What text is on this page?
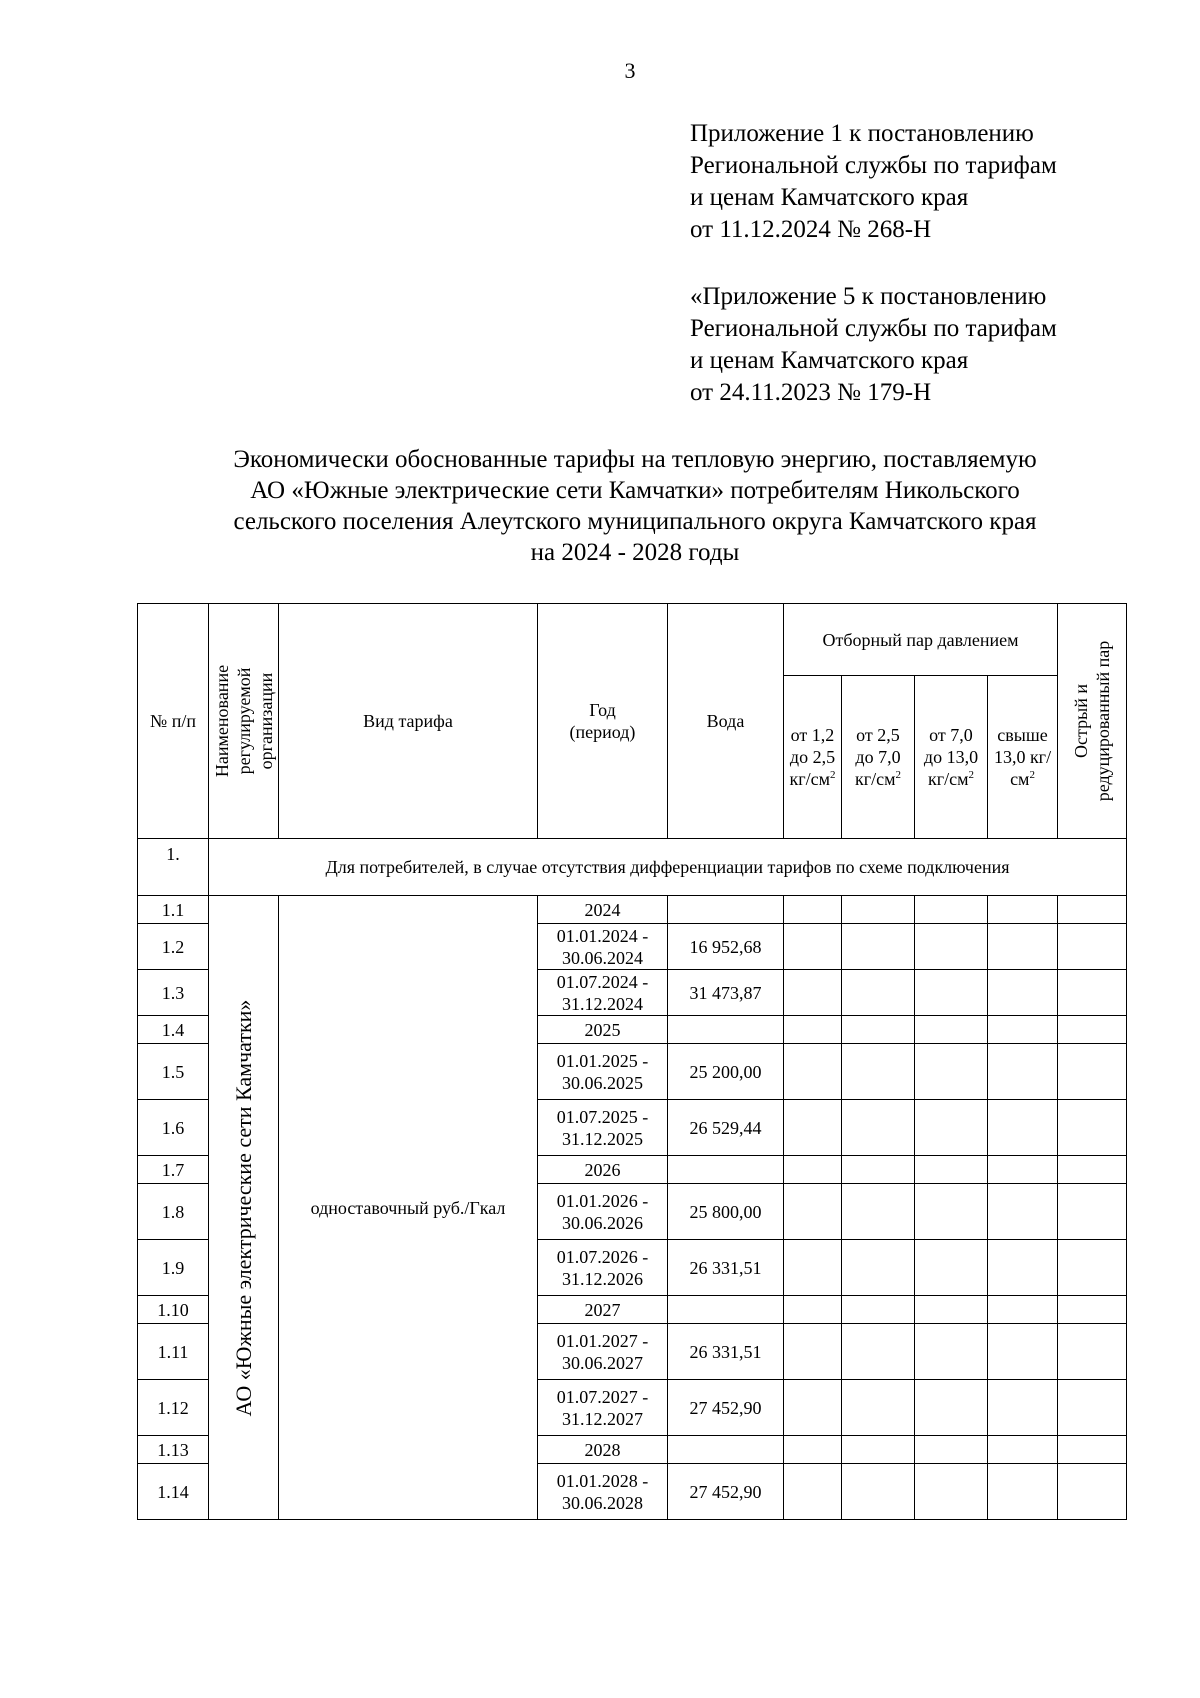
3
Приложение 1 к постановлению
Региональной службы по тарифам
и ценам Камчатского края
от 11.12.2024 № 268-Н
«Приложение 5 к постановлению
Региональной службы по тарифам
и ценам Камчатского края
от 24.11.2023 № 179-Н
Экономически обоснованные тарифы на тепловую энергию, поставляемую
АО «Южные электрические сети Камчатки» потребителям Никольского
сельского поселения Алеутского муниципального округа Камчатского края
на 2024 - 2028 годы
№ п/п	Наименование регулируемой организации	Вид тарифа	Год (период)	Вода	Отборный пар давлением				Острый и редуцированный пар

					от 1,2 до 2,5 $кг/см^2$	от 2,5 до 7,0 $кг/см^2$	от 7,0 до 13,0 $кг/см^2$	свыше 13,0 $кг/см^2$
1.	Для потребителей, в случае отсутствия дифференциации тарифов по схеме подключения								
1.1	АО «Южные электрические сети Камчатки»	одноставочный руб./Гкал	2024						
1.2			01.01.2024 - 30.06.2024	16 952,68					
1.3			01.07.2024 - 31.12.2024	31 473,87					
1.4			2025						
1.5			01.01.2025 - 30.06.2025	25 200,00					
1.6			01.07.2025 - 31.12.2025	26 529,44					
1.7			2026						
1.8			01.01.2026 - 30.06.2026	25 800,00					
1.9			01.07.2026 - 31.12.2026	26 331,51					
1.10			2027						
1.11			01.01.2027 - 30.06.2027	26 331,51					
1.12			01.07.2027 - 31.12.2027	27 452,90					
1.13			2028						
1.14			01.01.2028 - 30.06.2028	27 452,90					
